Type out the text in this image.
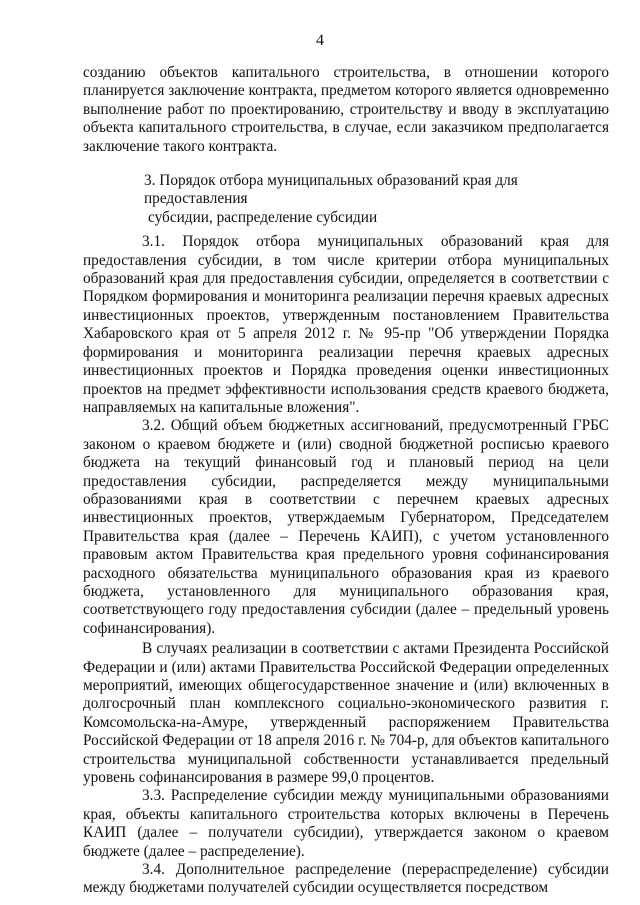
4

созданию объектов капитального строительства, в отношении которого планируется заключение контракта, предметом которого является одновременно выполнение работ по проектированию, строительству и вводу в эксплуатацию объекта капитального строительства, в случае, если заказчиком предполагается заключение такого контракта.

3. Порядок отбора муниципальных образований края для предоставления
субсидии, распределение субсидии

3.1. Порядок отбора муниципальных образований края для предоставления субсидии, в том числе критерии отбора муниципальных образований края для предоставления субсидии, определяется в соответствии с Порядком формирования и мониторинга реализации перечня краевых адресных инвестиционных проектов, утвержденным постановлением Правительства Хабаровского края от 5 апреля 2012 г. № 95-пр "Об утверждении Порядка формирования и мониторинга реализации перечня краевых адресных инвестиционных проектов и Порядка проведения оценки инвестиционных проектов на предмет эффективности использования средств краевого бюджета, направляемых на капитальные вложения".

3.2. Общий объем бюджетных ассигнований, предусмотренный ГРБС законом о краевом бюджете и (или) сводной бюджетной росписью краевого бюджета на текущий финансовый год и плановый период на цели предоставления субсидии, распределяется между муниципальными образованиями края в соответствии с перечнем краевых адресных инвестиционных проектов, утверждаемым Губернатором, Председателем Правительства края (далее – Перечень КАИП), с учетом установленного правовым актом Правительства края предельного уровня софинансирования расходного обязательства муниципального образования края из краевого бюджета, установленного для муниципального образования края, соответствующего году предоставления субсидии (далее – предельный уровень софинансирования).

В случаях реализации в соответствии с актами Президента Российской Федерации и (или) актами Правительства Российской Федерации определенных мероприятий, имеющих общегосударственное значение и (или) включенных в долгосрочный план комплексного социально-экономического развития г. Комсомольска-на-Амуре, утвержденный распоряжением Правительства Российской Федерации от 18 апреля 2016 г. № 704-р, для объектов капитального строительства муниципальной собственности устанавливается предельный уровень софинансирования в размере 99,0 процентов.

3.3. Распределение субсидии между муниципальными образованиями края, объекты капитального строительства которых включены в Перечень КАИП (далее – получатели субсидии), утверждается законом о краевом бюджете (далее – распределение).

3.4. Дополнительное распределение (перераспределение) субсидии между бюджетами получателей субсидии осуществляется посредством
